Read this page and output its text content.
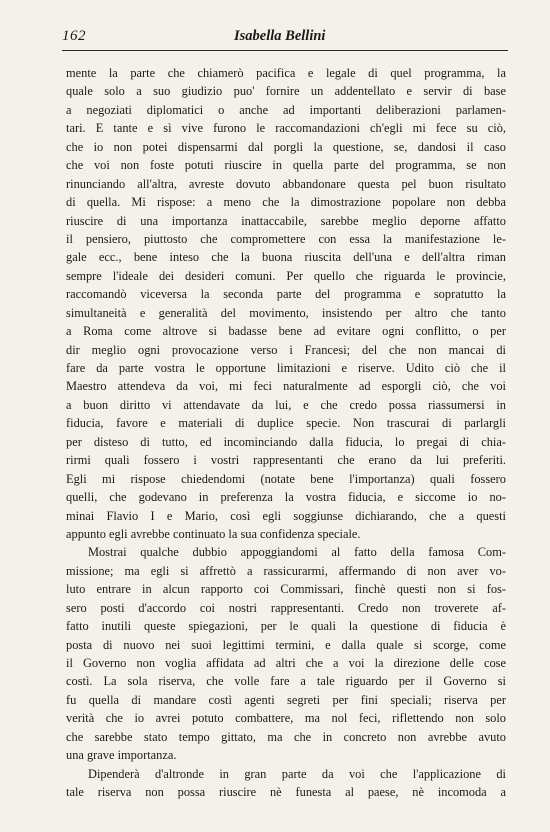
162	Isabella Bellini
mente la parte che chiamerò pacifica e legale di quel programma, la
quale solo a suo giudizio puo' fornire un addentellato e servir di base
a negoziati diplomatici o anche ad importanti deliberazioni parlamen-
tari. E tante e sì vive furono le raccomandazioni ch'egli mi fece su ciò,
che io non potei dispensarmi dal porgli la questione, se, dandosi il caso
che voi non foste potuti riuscire in quella parte del programma, se non
rinunciando all'altra, avreste dovuto abbandonare questa pel buon risultato
di quella. Mi rispose: a meno che la dimostrazione popolare non debba
riuscire di una importanza inattaccabile, sarebbe meglio deporne affatto
il pensiero, piuttosto che compromettere con essa la manifestazione le-
gale ecc., bene inteso che la buona riuscita dell'una e dell'altra riman
sempre l'ideale dei desideri comuni. Per quello che riguarda le provincie,
raccomandò viceversa la seconda parte del programma e sopratutto la
simultaneità e generalità del movimento, insistendo per altro che tanto
a Roma come altrove si badasse bene ad evitare ogni conflitto, o per
dir meglio ogni provocazione verso i Francesi; del che non mancai di
fare da parte vostra le opportune limitazioni e riserve. Udito ciò che il
Maestro attendeva da voi, mi feci naturalmente ad esporgli ciò, che voi
a buon diritto vi attendavate da lui, e che credo possa riassumersi in
fiducia, favore e materiali di duplice specie. Non trascurai di parlargli
per disteso di tutto, ed incominciando dalla fiducia, lo pregai di chia-
rirmi quali fossero i vostri rappresentanti che erano da lui preferiti.
Egli mi rispose chiedendomi (notate bene l'importanza) quali fossero
quelli, che godevano in preferenza la vostra fiducia, e siccome io no-
minai Flavio I e Mario, così egli soggiunse dichiarando, che a questi
appunto egli avrebbe continuato la sua confidenza speciale.
Mostrai qualche dubbio appoggiandomi al fatto della famosa Com-
missione; ma egli si affrettò a rassicurarmi, affermando di non aver vo-
luto entrare in alcun rapporto coi Commissari, finchè questi non si fos-
sero posti d'accordo coi nostri rappresentanti. Credo non troverete af-
fatto inutili queste spiegazioni, per le quali la questione di fiducia è
posta di nuovo nei suoi legittimi termini, e dalla quale si scorge, come
il Governo non voglia affidata ad altri che a voi la direzione delle cose
costì. La sola riserva, che volle fare a tale riguardo per il Governo si
fu quella di mandare costì agenti segreti per fini speciali; riserva per
verità che io avrei potuto combattere, ma nol feci, riflettendo non solo
che sarebbe stato tempo gittato, ma che in concreto non avrebbe avuto
una grave importanza.
Dipenderà d'altronde in gran parte da voi che l'applicazione di
tale riserva non possa riuscire nè funesta al paese, nè incomoda a
